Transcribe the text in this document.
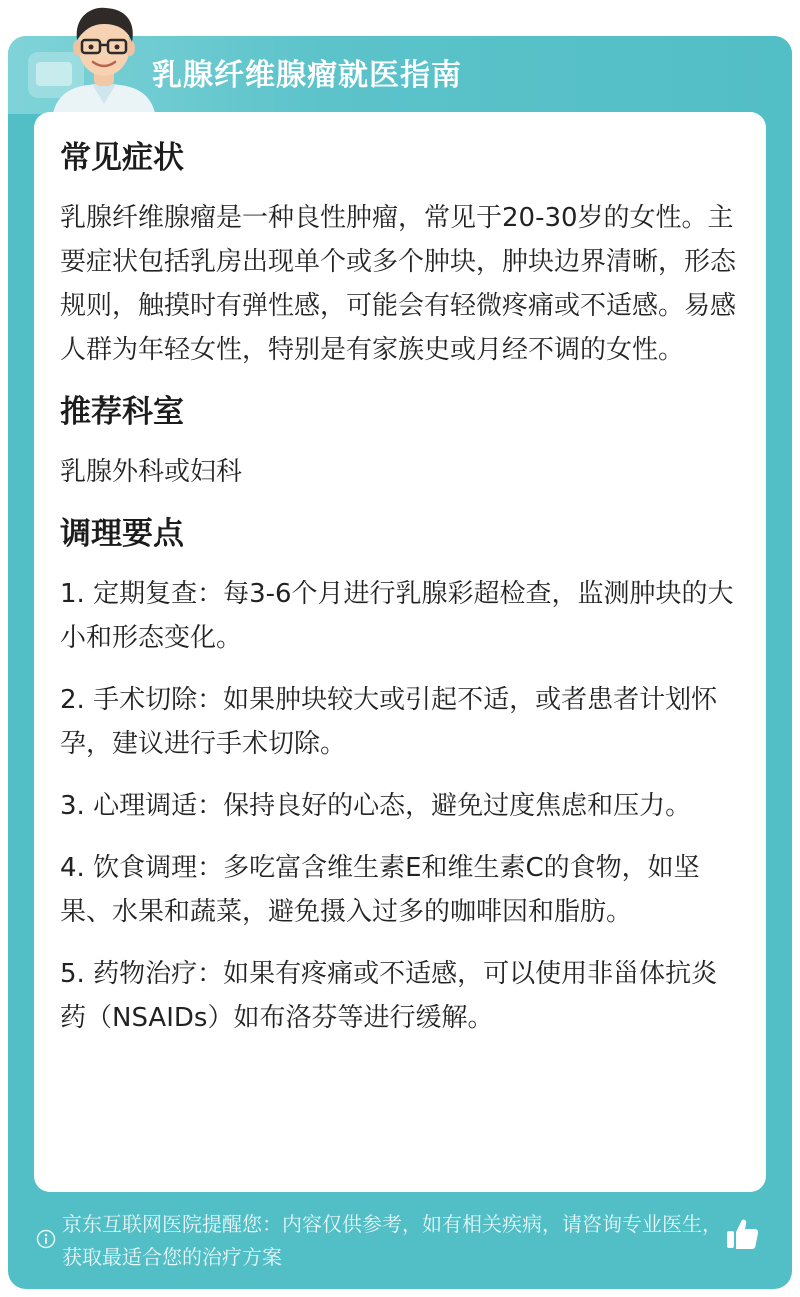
乳腺纤维腺瘤就医指南
常见症状
乳腺纤维腺瘤是一种良性肿瘤，常见于20-30岁的女性。主要症状包括乳房出现单个或多个肿块，肿块边界清晰，形态规则，触摸时有弹性感，可能会有轻微疼痛或不适感。易感人群为年轻女性，特别是有家族史或月经不调的女性。
推荐科室
乳腺外科或妇科
调理要点
1. 定期复查：每3-6个月进行乳腺彩超检查，监测肿块的大小和形态变化。
2. 手术切除：如果肿块较大或引起不适，或者患者计划怀孕，建议进行手术切除。
3. 心理调适：保持良好的心态，避免过度焦虑和压力。
4. 饮食调理：多吃富含维生素E和维生素C的食物，如坚果、水果和蔬菜，避免摄入过多的咖啡因和脂肪。
5. 药物治疗：如果有疼痛或不适感，可以使用非甾体抗炎药（NSAIDs）如布洛芬等进行缓解。
京东互联网医院提醒您：内容仅供参考，如有相关疾病，请咨询专业医生，获取最适合您的治疗方案
